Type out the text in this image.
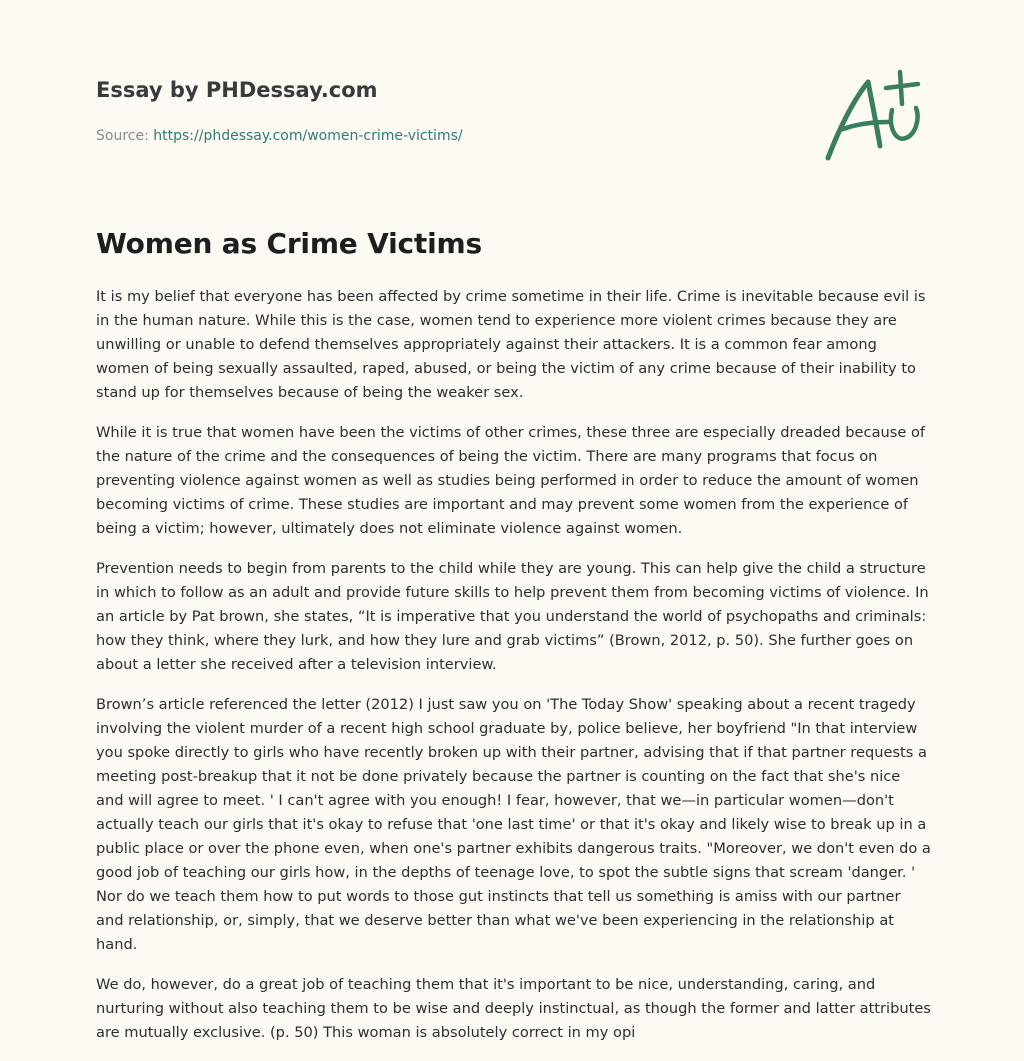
Essay by PHDessay.com
Source: https://phdessay.com/women-crime-victims/
Women as Crime Victims

It is my belief that everyone has been affected by crime sometime in their life. Crime is inevitable because evil is in the human nature. While this is the case, women tend to experience more violent crimes because they are unwilling or unable to defend themselves appropriately against their attackers. It is a common fear among women of being sexually assaulted, raped, abused, or being the victim of any crime because of their inability to stand up for themselves because of being the weaker sex.

While it is true that women have been the victims of other crimes, these three are especially dreaded because of the nature of the crime and the consequences of being the victim. There are many programs that focus on preventing violence against women as well as studies being performed in order to reduce the amount of women becoming victims of crime. These studies are important and may prevent some women from the experience of being a victim; however, ultimately does not eliminate violence against women.

Prevention needs to begin from parents to the child while they are young. This can help give the child a structure in which to follow as an adult and provide future skills to help prevent them from becoming victims of violence. In an article by Pat brown, she states, “It is imperative that you understand the world of psychopaths and criminals: how they think, where they lurk, and how they lure and grab victims” (Brown, 2012, p. 50). She further goes on about a letter she received after a television interview.

Brown’s article referenced the letter (2012) I just saw you on 'The Today Show' speaking about a recent tragedy involving the violent murder of a recent high school graduate by, police believe, her boyfriend "In that interview you spoke directly to girls who have recently broken up with their partner, advising that if that partner requests a meeting post-breakup that it not be done privately because the partner is counting on the fact that she's nice and will agree to meet. ' I can't agree with you enough! I fear, however, that we—in particular women—don't actually teach our girls that it's okay to refuse that 'one last time' or that it's okay and likely wise to break up in a public place or over the phone even, when one's partner exhibits dangerous traits. "Moreover, we don't even do a good job of teaching our girls how, in the depths of teenage love, to spot the subtle signs that scream 'danger. ' Nor do we teach them how to put words to those gut instincts that tell us something is amiss with our partner and relationship, or, simply, that we deserve better than what we've been experiencing in the relationship at hand.

We do, however, do a great job of teaching them that it's important to be nice, understanding, caring, and nurturing without also teaching them to be wise and deeply instinctual, as though the former and latter attributes are mutually exclusive. (p. 50) This woman is absolutely correct in my opi
